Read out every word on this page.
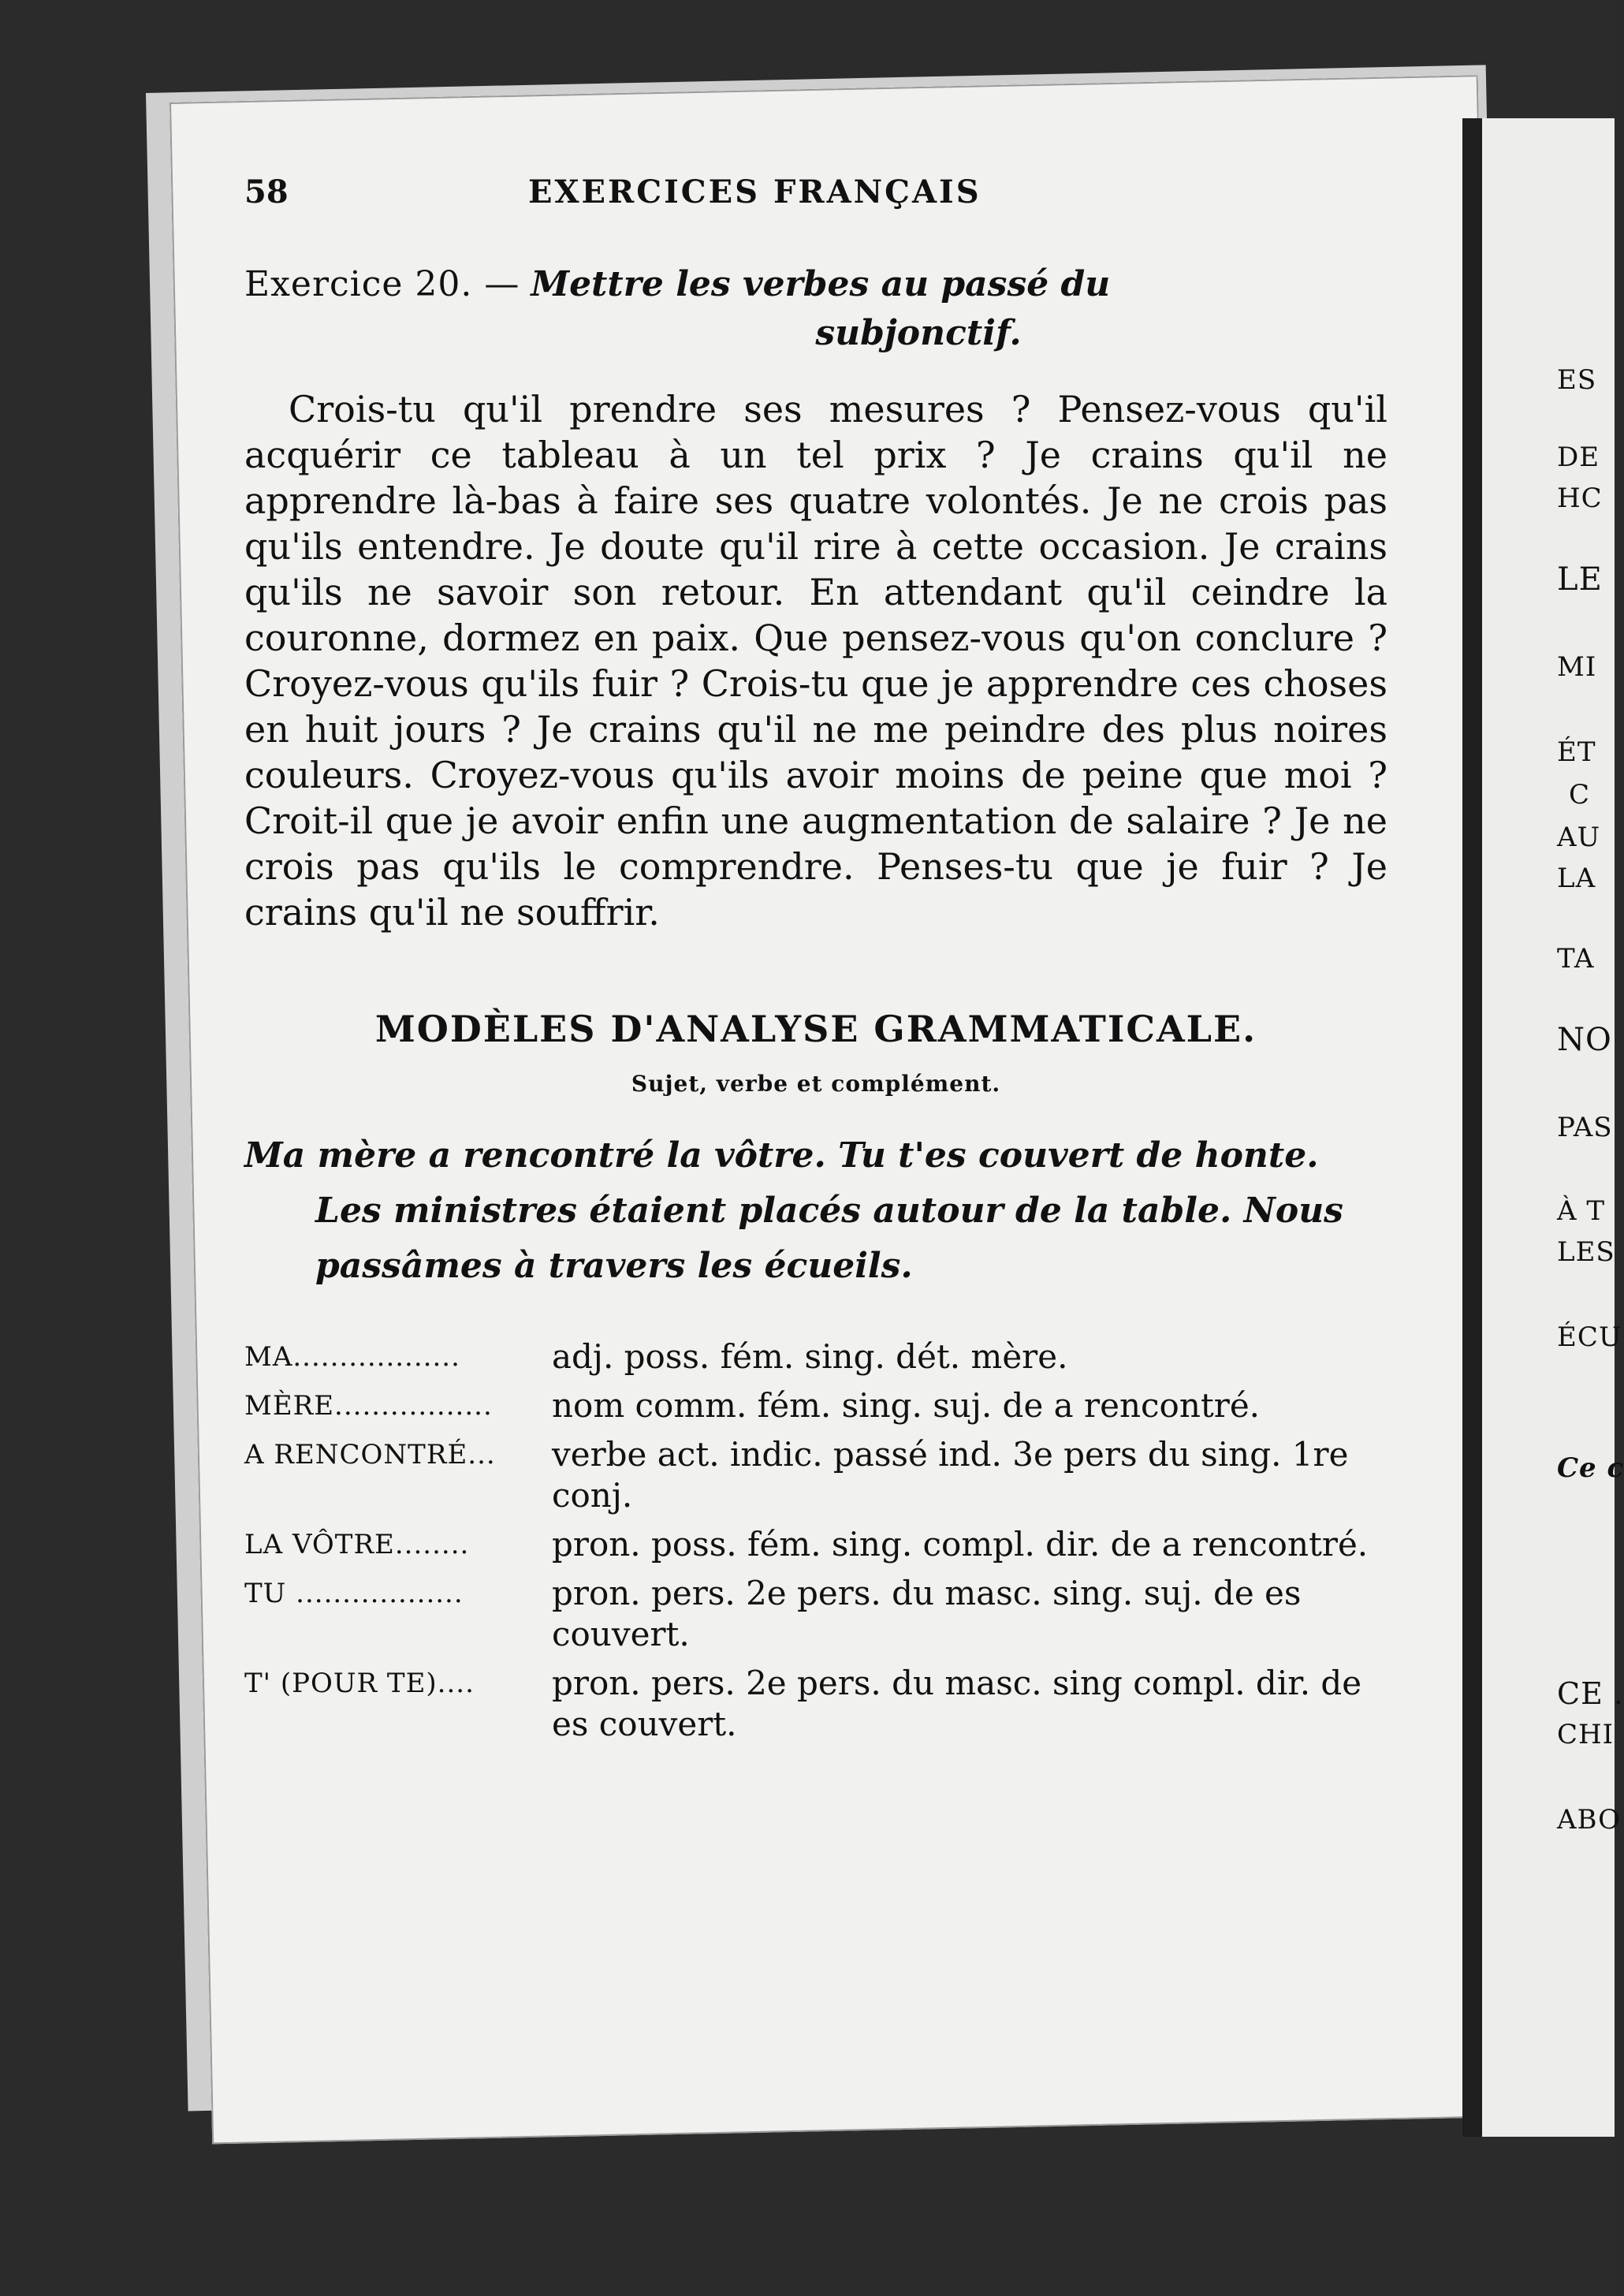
ES
DE
HC
LE
MI
ÉT
C
AU
LA
TA
NO
PAS
À T
LES
ÉCU
Ce c
CE .
CHI
ABO
58	EXERCICES FRANÇAIS
Exercice 20. — Mettre les verbes au passé du
subjonctif.

Crois-tu qu'il prendre ses mesures ? Pensez-vous qu'il acquérir ce tableau à un tel prix ? Je crains qu'il ne apprendre là-bas à faire ses quatre volontés. Je ne crois pas qu'ils entendre. Je doute qu'il rire à cette occasion. Je crains qu'ils ne savoir son retour. En attendant qu'il ceindre la couronne, dormez en paix. Que pensez-vous qu'on conclure ? Croyez-vous qu'ils fuir ? Crois-tu que je apprendre ces choses en huit jours ? Je crains qu'il ne me peindre des plus noires couleurs. Croyez-vous qu'ils avoir moins de peine que moi ? Croit-il que je avoir enfin une augmentation de salaire ? Je ne crois pas qu'ils le comprendre. Penses-tu que je fuir ? Je crains qu'il ne souffrir.

MODÈLES D'ANALYSE GRAMMATICALE.
Sujet, verbe et complément.

Ma mère a rencontré la vôtre. Tu t'es couvert de honte. Les ministres étaient placés autour de la table. Nous passâmes à travers les écueils.

MA..................	adj. poss. fém. sing. dét. mère.
MÈRE.................	nom comm. fém. sing. suj. de a rencontré.
A RENCONTRÉ...	verbe act. indic. passé ind. 3e pers du sing. 1re conj.
LA VÔTRE........	pron. poss. fém. sing. compl. dir. de a rencontré.
TU ..................	pron. pers. 2e pers. du masc. sing. suj. de es couvert.
T' (POUR TE)....	pron. pers. 2e pers. du masc. sing compl. dir. de es couvert.
